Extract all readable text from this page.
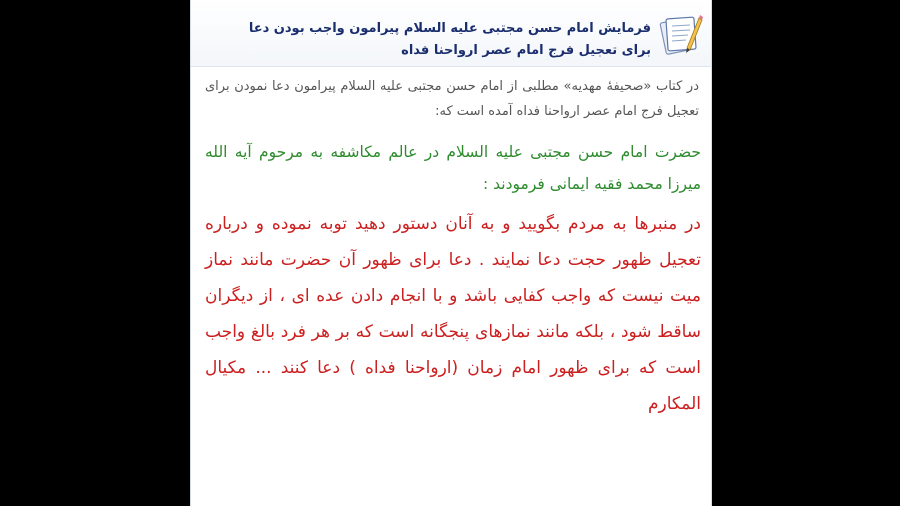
فرمایش امام حسن مجتبی علیه السلام پیرامون واجب بودن دعا برای تعجیل فرج امام عصر ارواحنا فداه

در کتاب «صحیفهٔ مهدیه» مطلبی از امام حسن مجتبی علیه السلام پیرامون دعا نمودن برای تعجیل فرج امام عصر ارواحنا فداه آمده است که:

حضرت امام حسن مجتبی علیه السلام در عالم مکاشفه به مرحوم آیه الله میرزا محمد فقیه ایمانی فرمودند :

در منبرها به مردم بگویید و به آنان دستور دهید توبه نموده و درباره تعجیل ظهور حجت دعا نمایند . دعا برای ظهور آن حضرت مانند نماز میت نیست که واجب کفایی باشد و با انجام دادن عده ای ، از دیگران ساقط شود ، بلکه مانند نمازهای پنجگانه است که بر هر فرد بالغ واجب است که برای ظهور امام زمان (ارواحنا فداه ) دعا کنند ... مکیال المکارم
